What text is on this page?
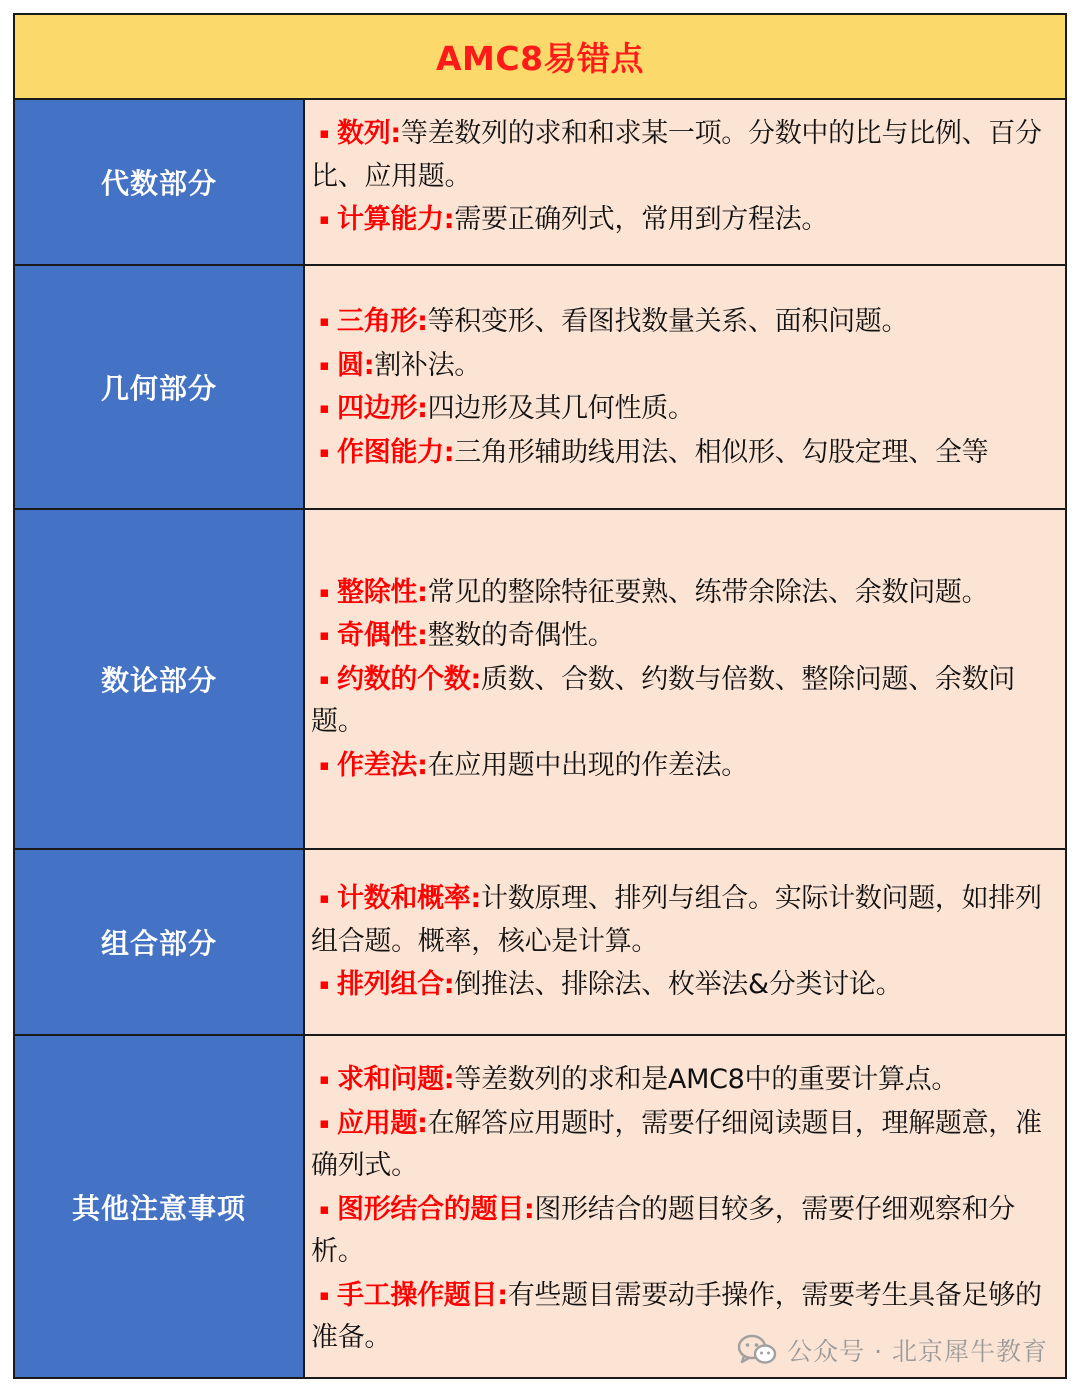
AMC8易错点
代数部分
▪ 数列:等差数列的求和和求某一项。分数中的比与比例、百分比、应用题。
▪ 计算能力:需要正确列式，常用到方程法。
几何部分
▪ 三角形:等积变形、看图找数量关系、面积问题。
▪ 圆:割补法。
▪ 四边形:四边形及其几何性质。
▪ 作图能力:三角形辅助线用法、相似形、勾股定理、全等
数论部分
▪ 整除性:常见的整除特征要熟、练带余除法、余数问题。
▪ 奇偶性:整数的奇偶性。
▪ 约数的个数:质数、合数、约数与倍数、整除问题、余数问题。
▪ 作差法:在应用题中出现的作差法。
组合部分
▪ 计数和概率:计数原理、排列与组合。实际计数问题，如排列组合题。概率，核心是计算。
▪ 排列组合:倒推法、排除法、枚举法&分类讨论。
其他注意事项
▪ 求和问题:等差数列的求和是AMC8中的重要计算点。
▪ 应用题:在解答应用题时，需要仔细阅读题目，理解题意，准确列式。
▪ 图形结合的题目:图形结合的题目较多，需要仔细观察和分析。
▪ 手工操作题目:有些题目需要动手操作，需要考生具备足够的准备。	公众号 · 北京犀牛教育
